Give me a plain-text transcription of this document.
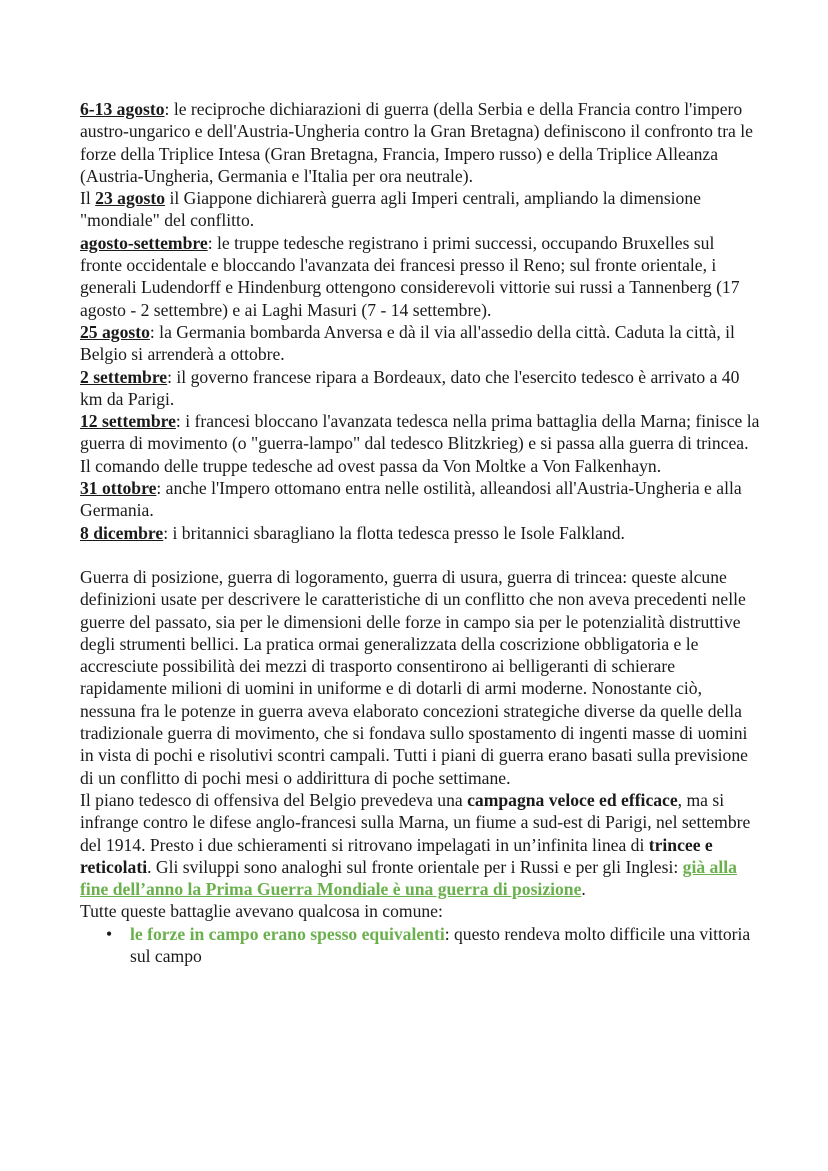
6-13 agosto: le reciproche dichiarazioni di guerra (della Serbia e della Francia contro l'impero austro-ungarico e dell'Austria-Ungheria contro la Gran Bretagna) definiscono il confronto tra le forze della Triplice Intesa (Gran Bretagna, Francia, Impero russo) e della Triplice Alleanza (Austria-Ungheria, Germania e l'Italia per ora neutrale).

Il 23 agosto il Giappone dichiarerà guerra agli Imperi centrali, ampliando la dimensione "mondiale" del conflitto.

agosto-settembre: le truppe tedesche registrano i primi successi, occupando Bruxelles sul fronte occidentale e bloccando l'avanzata dei francesi presso il Reno; sul fronte orientale, i generali Ludendorff e Hindenburg ottengono considerevoli vittorie sui russi a Tannenberg (17 agosto - 2 settembre) e ai Laghi Masuri (7 - 14 settembre).

25 agosto: la Germania bombarda Anversa e dà il via all'assedio della città. Caduta la città, il Belgio si arrenderà a ottobre.

2 settembre: il governo francese ripara a Bordeaux, dato che l'esercito tedesco è arrivato a 40 km da Parigi.

12 settembre: i francesi bloccano l'avanzata tedesca nella prima battaglia della Marna; finisce la guerra di movimento (o "guerra-lampo" dal tedesco Blitzkrieg) e si passa alla guerra di trincea. Il comando delle truppe tedesche ad ovest passa da Von Moltke a Von Falkenhayn.

31 ottobre: anche l'Impero ottomano entra nelle ostilità, alleandosi all'Austria-Ungheria e alla Germania.

8 dicembre: i britannici sbaragliano la flotta tedesca presso le Isole Falkland.

Guerra di posizione, guerra di logoramento, guerra di usura, guerra di trincea: queste alcune definizioni usate per descrivere le caratteristiche di un conflitto che non aveva precedenti nelle guerre del passato, sia per le dimensioni delle forze in campo sia per le potenzialità distruttive degli strumenti bellici. La pratica ormai generalizzata della coscrizione obbligatoria e le accresciute possibilità dei mezzi di trasporto consentirono ai belligeranti di schierare rapidamente milioni di uomini in uniforme e di dotarli di armi moderne. Nonostante ciò, nessuna fra le potenze in guerra aveva elaborato concezioni strategiche diverse da quelle della tradizionale guerra di movimento, che si fondava sullo spostamento di ingenti masse di uomini in vista di pochi e risolutivi scontri campali. Tutti i piani di guerra erano basati sulla previsione di un conflitto di pochi mesi o addirittura di poche settimane.

Il piano tedesco di offensiva del Belgio prevedeva una campagna veloce ed efficace, ma si infrange contro le difese anglo-francesi sulla Marna, un fiume a sud-est di Parigi, nel settembre del 1914. Presto i due schieramenti si ritrovano impelagati in un’infinita linea di trincee e reticolati. Gli sviluppi sono analoghi sul fronte orientale per i Russi e per gli Inglesi: già alla fine dell’anno la Prima Guerra Mondiale è una guerra di posizione.

Tutte queste battaglie avevano qualcosa in comune:

• le forze in campo erano spesso equivalenti: questo rendeva molto difficile una vittoria sul campo
